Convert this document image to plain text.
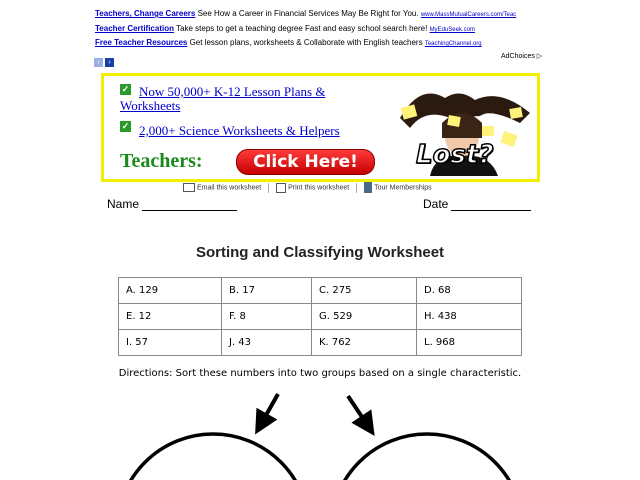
Teachers, Change Careers See How a Career in Financial Services May Be Right for You. www.MassMutualCareers.com/Teac
Teacher Certification Take steps to get a teaching degree Fast and easy school search here! MyEduSeek.com
Free Teacher Resources Get lesson plans, worksheets & Collaborate with English teachers TeachingChannel.org
‹ ›
AdChoices ▷
✓ Now 50,000+ K-12 Lesson Plans &
Worksheets
✓ 2,000+ Science Worksheets & Helpers
Teachers:	Click Here!	Lost?
Email this worksheet	Print this worksheet	Tour Memberships
Name	Date
Sorting and Classifying Worksheet
A. 129	B. 17	C. 275	D. 68
E. 12	F. 8	G. 529	H. 438
I. 57	J. 43	K. 762	L. 968
Directions: Sort these numbers into two groups based on a single characteristic.
